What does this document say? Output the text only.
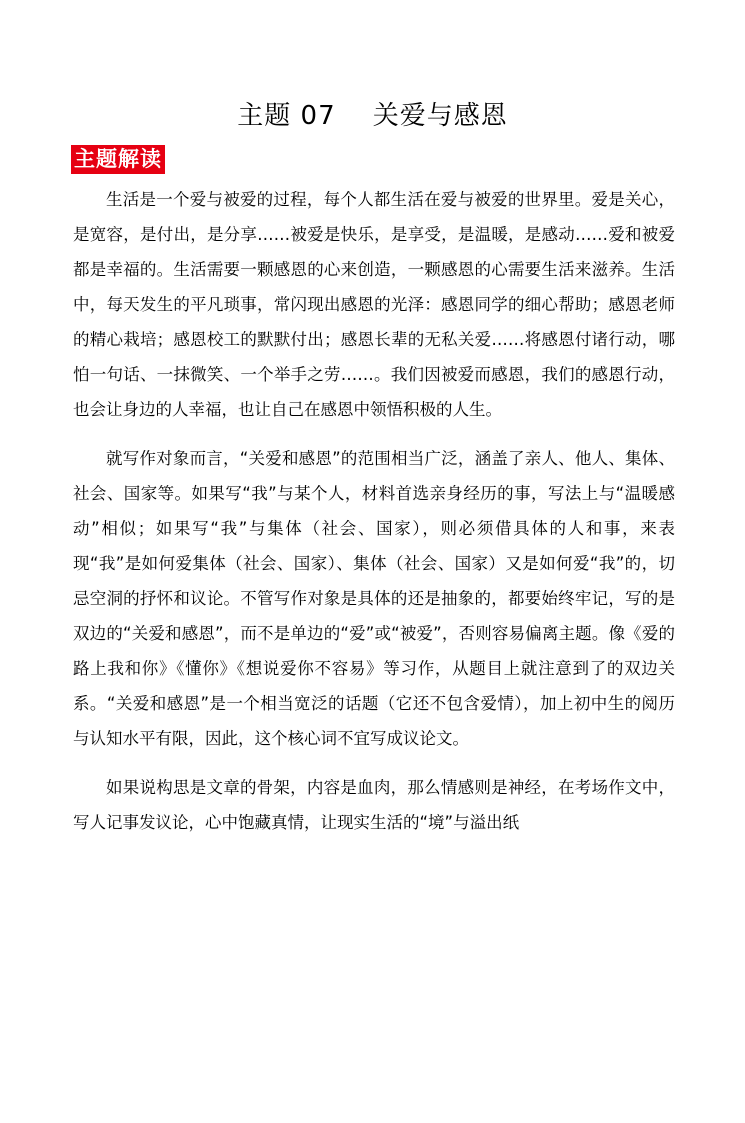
主题 07    关爱与感恩
主题解读

生活是一个爱与被爱的过程，每个人都生活在爱与被爱的世界里。爱是关心，是宽容，是付出，是分享……被爱是快乐，是享受，是温暖，是感动……爱和被爱都是幸福的。生活需要一颗感恩的心来创造，一颗感恩的心需要生活来滋养。生活中，每天发生的平凡琐事，常闪现出感恩的光泽：感恩同学的细心帮助；感恩老师的精心栽培；感恩校工的默默付出；感恩长辈的无私关爱……将感恩付诸行动，哪怕一句话、一抹微笑、一个举手之劳……。我们因被爱而感恩，我们的感恩行动，也会让身边的人幸福，也让自己在感恩中领悟积极的人生。

就写作对象而言，“关爱和感恩”的范围相当广泛，涵盖了亲人、他人、集体、社会、国家等。如果写“我”与某个人，材料首选亲身经历的事，写法上与“温暖感动”相似；如果写“我”与集体（社会、国家），则必须借具体的人和事，来表现“我”是如何爱集体（社会、国家）、集体（社会、国家）又是如何爱“我”的，切忌空洞的抒怀和议论。不管写作对象是具体的还是抽象的，都要始终牢记，写的是双边的“关爱和感恩”，而不是单边的“爱”或“被爱”，否则容易偏离主题。像《爱的路上我和你》《懂你》《想说爱你不容易》等习作，从题目上就注意到了的双边关系。“关爱和感恩”是一个相当宽泛的话题（它还不包含爱情），加上初中生的阅历与认知水平有限，因此，这个核心词不宜写成议论文。

如果说构思是文章的骨架，内容是血肉，那么情感则是神经，在考场作文中，写人记事发议论，心中饱藏真情，让现实生活的“境”与溢出纸
